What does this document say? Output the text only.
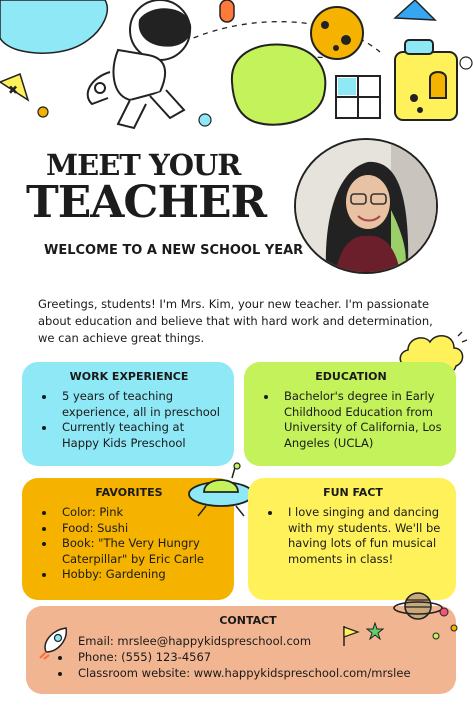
✖
MEET YOUR
TEACHER
WELCOME TO A NEW SCHOOL YEAR
Greetings, students! I'm Mrs. Kim, your new teacher. I'm passionate about education and believe that with hard work and determination, we can achieve great things.
WORK EXPERIENCE
• 5 years of teaching experience, all in preschool
• Currently teaching at Happy Kids Preschool
EDUCATION
• Bachelor's degree in Early Childhood Education from University of California, Los Angeles (UCLA)
FAVORITES
• Color: Pink
• Food: Sushi
• Book: "The Very Hungry Caterpillar" by Eric Carle
• Hobby: Gardening
FUN FACT
• I love singing and dancing with my students. We'll be having lots of fun musical moments in class!
CONTACT
• Email: mrslee@happykidspreschool.com
• Phone: (555) 123-4567
• Classroom website: www.happykidspreschool.com/mrslee
